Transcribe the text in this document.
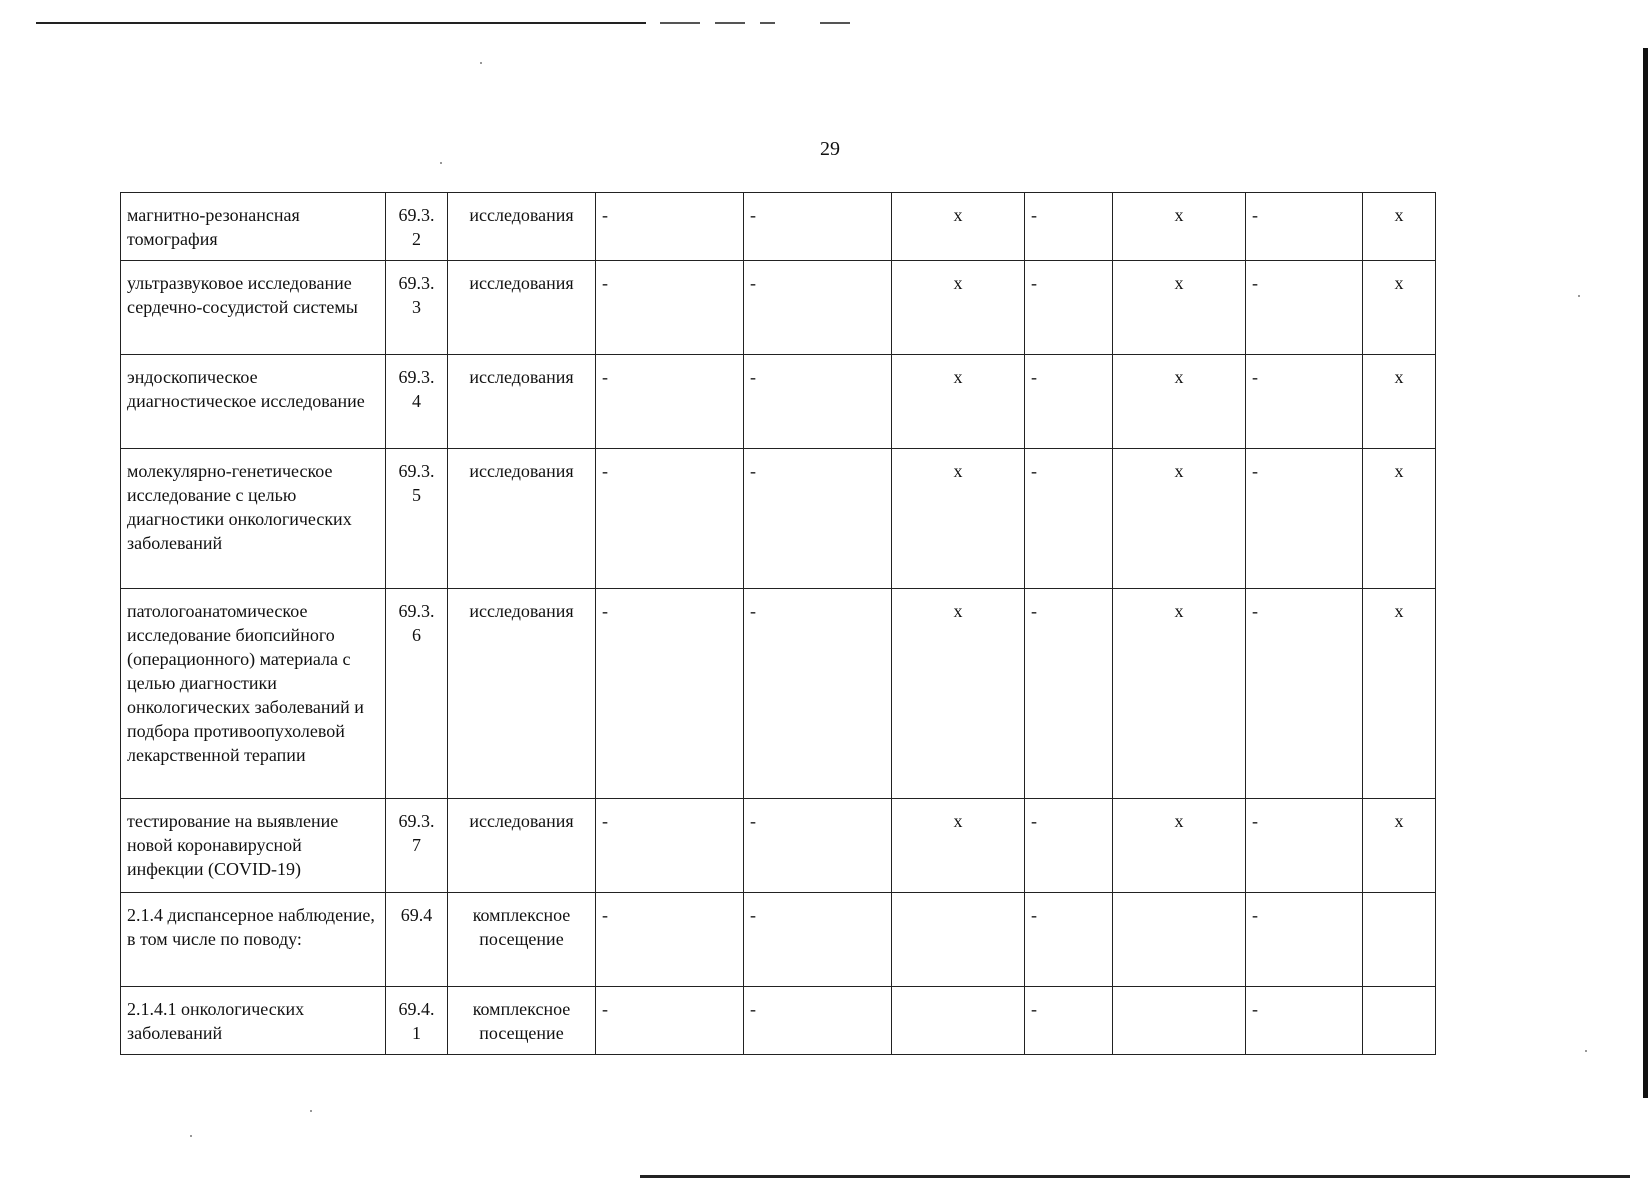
29
магнитно-резонансная томография	69.3. 2	исследования	-	-	x	-	x	-	x
ультразвуковое исследование сердечно-сосудистой системы	69.3. 3	исследования	-	-	x	-	x	-	x
эндоскопическое диагностическое исследование	69.3. 4	исследования	-	-	x	-	x	-	x
молекулярно-генетическое исследование с целью диагностики онкологических заболеваний	69.3. 5	исследования	-	-	x	-	x	-	x
патологоанатомическое исследование биопсийного (операционного) материала с целью диагностики онкологических заболеваний и подбора противоопухолевой лекарственной терапии	69.3. 6	исследования	-	-	x	-	x	-	x
тестирование на выявление новой коронавирусной инфекции (COVID-19)	69.3. 7	исследования	-	-	x	-	x	-	x
2.1.4 диспансерное наблюдение, в том числе по поводу:	69.4	комплексное посещение	-	-		-		-	
2.1.4.1 онкологических заболеваний	69.4. 1	комплексное посещение	-	-		-		-	
